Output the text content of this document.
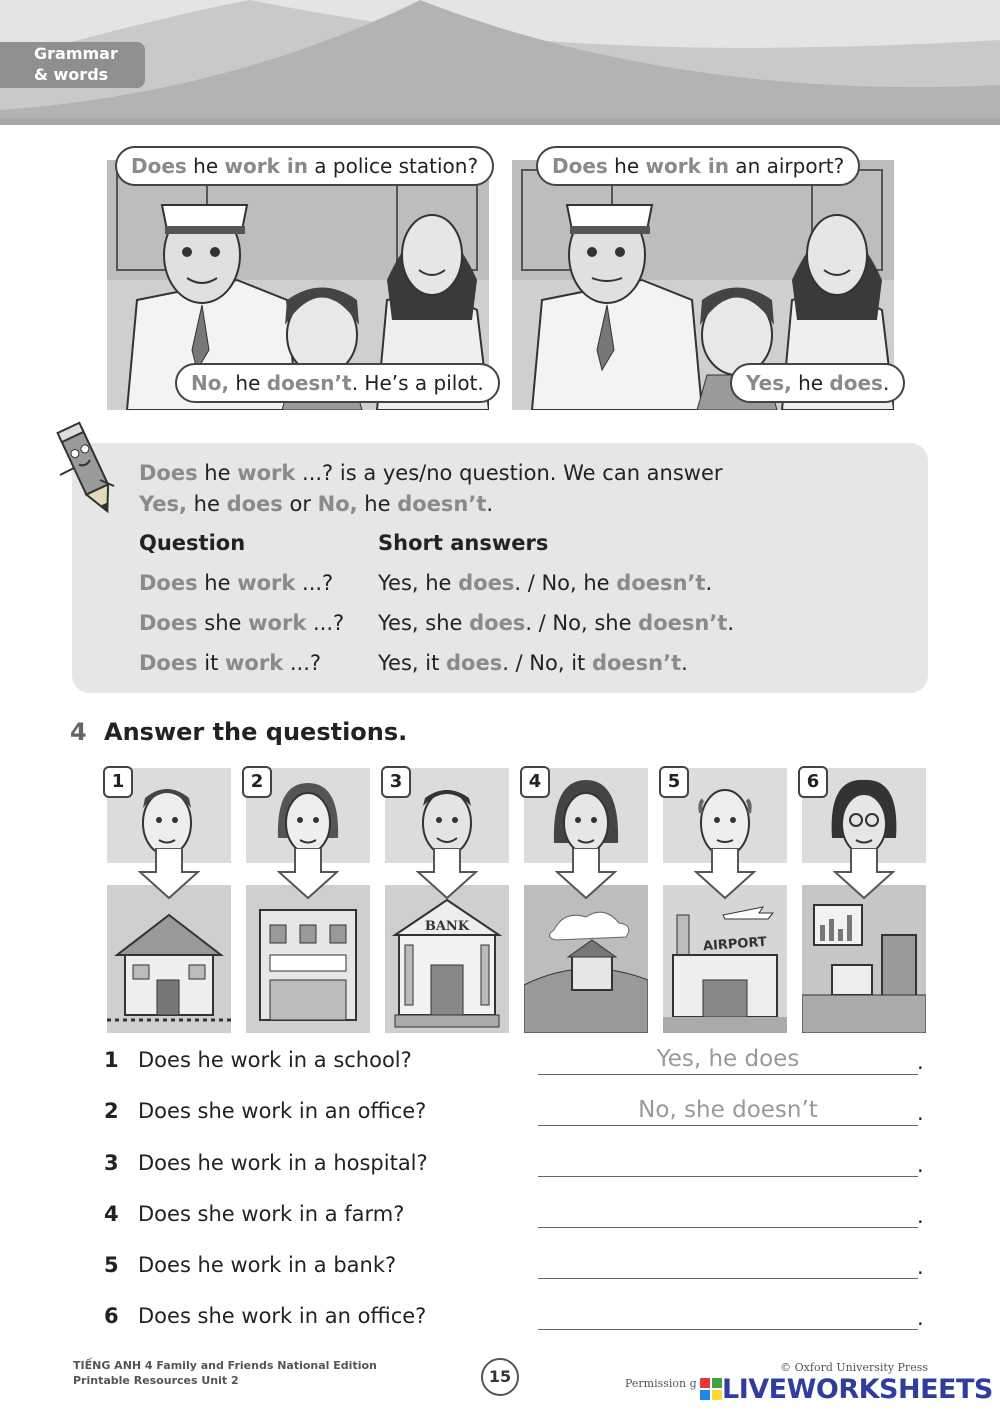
Grammar
& words
Does he work in a police station?
No, he doesn’t. He’s a pilot.
Does he work in an airport?
Yes, he does.
Does he work ...? is a yes/no question. We can answer
Yes, he does or No, he doesn’t.
Question	Short answers
Does he work ...? Yes, he does. / No, he doesn’t.
Does she work ...? Yes, she does. / No, she doesn’t.
Does it work ...?	Yes, it does. / No, it doesn’t.
4 Answer the questions.
1	2	3
BANK
4	5
AIRPORT
6
1 Does he work in a school?
Yes, he does	.
2 Does she work in an office?
No, she doesn’t	.
3 Does he work in a hospital?	.
4 Does she work in a farm?	.
5 Does he work in a bank?	.
6 Does she work in an office?	.
TIẾNG ANH 4 Family and Friends National Edition
Printable Resources Unit 2	15	© Oxford University Press
Permission g LIVEWORKSHEETS
